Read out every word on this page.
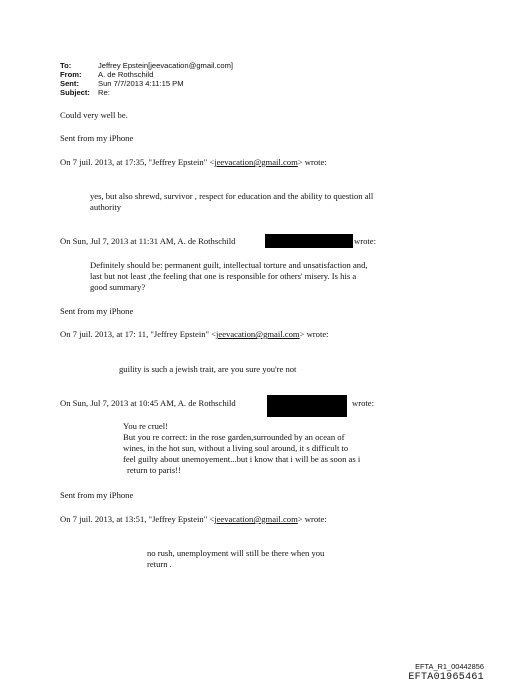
To:	Jeffrey Epstein[jeevacation@gmail.com]
From: A. de Rothschild
Sent:	Sun 7/7/2013 4:11:15 PM
Subject: Re:
Could very well be.
Sent from my iPhone
On 7 juil. 2013, at 17:35, "Jeffrey Epstein" <jeevacation@gmail.com> wrote:
yes, but also shrewd, survivor , respect for education and the ability to question all
authority
On Sun, Jul 7, 2013 at 11:31 AM, A. de Rothschild	wrote:
Definitely should be: permanent guilt, intellectual torture and unsatisfaction and,
last but not least ,the feeling that one is responsible for others' misery. Is his a
good summary?
Sent from my iPhone
On 7 juil. 2013, at 17: 11, "Jeffrey Epstein" <jeevacation@gmail.com> wrote:
guility is such a jewish trait, are you sure you're not
On Sun, Jul 7, 2013 at 10:45 AM, A. de Rothschild	wrote:
You re cruel!
But you re correct: in the rose garden,surrounded by an ocean of
wines, in the hot sun, without a living soul around, it s difficult to
feel guilty about unemoyement...but i know that i will be as soon as i
return to paris!!
Sent from my iPhone
On 7 juil. 2013, at 13:51, "Jeffrey Epstein" <jeevacation@gmail.com> wrote:
no rush, unemployment will still be there when you
return .
EFTA_R1_00442856
EFTA01965461
